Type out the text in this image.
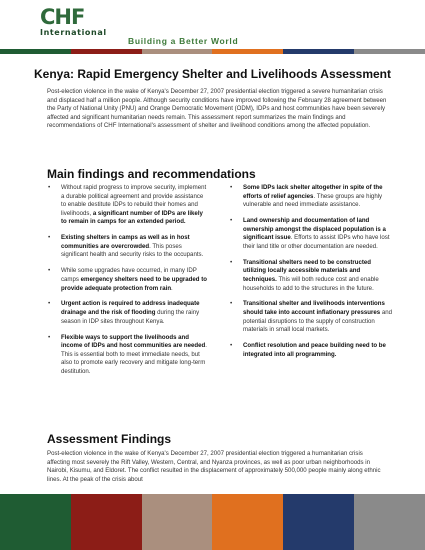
CHF
International
Building a Better World
Kenya: Rapid Emergency Shelter and Livelihoods Assessment
Post-election violence in the wake of Kenya's December 27, 2007 presidential election triggered a severe humanitarian crisis and displaced half a million people. Although security conditions have improved following the February 28 agreement between the Party of National Unity (PNU) and Orange Democratic Movement (ODM), IDPs and host communities have been severely affected and significant humanitarian needs remain. This assessment report summarizes the main findings and recommendations of CHF International's assessment of shelter and livelihood conditions among the affected population.
Main findings and recommendations
• Without rapid progress to improve security, implement a durable political agreement and provide assistance to enable destitute IDPs to rebuild their homes and livelihoods, a significant number of IDPs are likely to remain in camps for an extended period.
• Existing shelters in camps as well as in host communities are overcrowded. This poses significant health and security risks to the occupants.
• While some upgrades have occurred, in many IDP camps emergency shelters need to be upgraded to provide adequate protection from rain.
• Urgent action is required to address inadequate drainage and the risk of flooding during the rainy season in IDP sites throughout Kenya.
• Flexible ways to support the livelihoods and income of IDPs and host communities are needed. This is essential both to meet immediate needs, but also to promote early recovery and mitigate long-term destitution.
• Some IDPs lack shelter altogether in spite of the efforts of relief agencies. These groups are highly vulnerable and need immediate assistance.
• Land ownership and documentation of land ownership amongst the displaced population is a significant issue. Efforts to assist IDPs who have lost their land title or other documentation are needed.
• Transitional shelters need to be constructed utilizing locally accessible materials and techniques. This will both reduce cost and enable households to add to the structures in the future.
• Transitional shelter and livelihoods interventions should take into account inflationary pressures and potential disruptions to the supply of construction materials in small local markets.
• Conflict resolution and peace building need to be integrated into all programming.
Assessment Findings
Post-election violence in the wake of Kenya's December 27, 2007 presidential election triggered a humanitarian crisis affecting most severely the Rift Valley, Western, Central, and Nyanza provinces, as well as poor urban neighborhoods in Nairobi, Kisumu, and Eldoret. The conflict resulted in the displacement of approximately 500,000 people mainly along ethnic lines. At the peak of the crisis about
